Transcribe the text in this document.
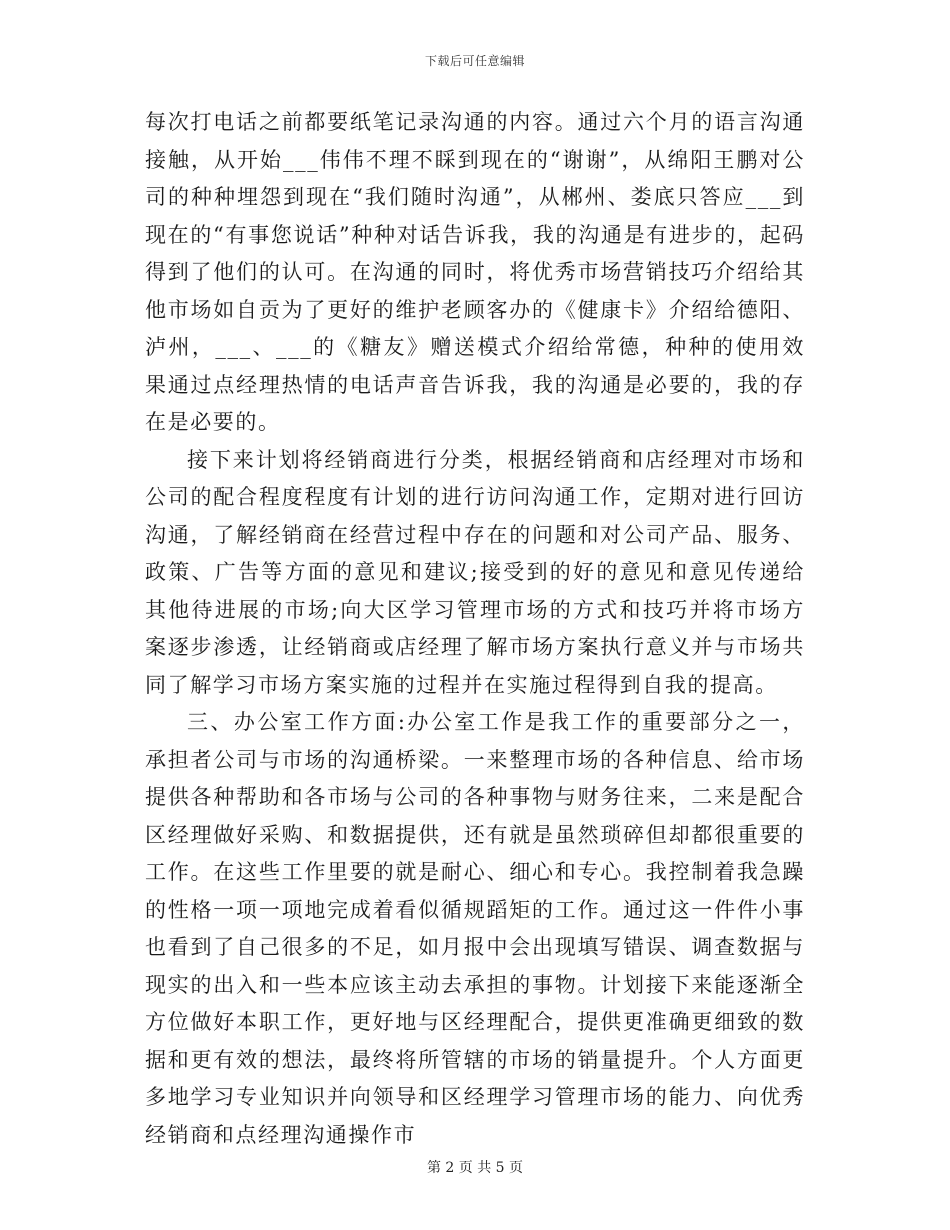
下载后可任意编辑

每次打电话之前都要纸笔记录沟通的内容。通过六个月的语言沟通接触，从开始___伟伟不理不睬到现在的“谢谢”，从绵阳王鹏对公司的种种埋怨到现在“我们随时沟通”，从郴州、娄底只答应___到现在的“有事您说话”种种对话告诉我，我的沟通是有进步的，起码得到了他们的认可。在沟通的同时，将优秀市场营销技巧介绍给其他市场如自贡为了更好的维护老顾客办的《健康卡》介绍给德阳、泸州，___、___的《糖友》赠送模式介绍给常德，种种的使用效果通过点经理热情的电话声音告诉我，我的沟通是必要的，我的存在是必要的。

接下来计划将经销商进行分类，根据经销商和店经理对市场和公司的配合程度程度有计划的进行访问沟通工作，定期对进行回访沟通，了解经销商在经营过程中存在的问题和对公司产品、服务、政策、广告等方面的意见和建议;接受到的好的意见和意见传递给其他待进展的市场;向大区学习管理市场的方式和技巧并将市场方案逐步渗透，让经销商或店经理了解市场方案执行意义并与市场共同了解学习市场方案实施的过程并在实施过程得到自我的提高。

三、办公室工作方面:办公室工作是我工作的重要部分之一，承担者公司与市场的沟通桥梁。一来整理市场的各种信息、给市场提供各种帮助和各市场与公司的各种事物与财务往来，二来是配合区经理做好采购、和数据提供，还有就是虽然琐碎但却都很重要的工作。在这些工作里要的就是耐心、细心和专心。我控制着我急躁的性格一项一项地完成着看似循规蹈矩的工作。通过这一件件小事也看到了自己很多的不足，如月报中会出现填写错误、调查数据与现实的出入和一些本应该主动去承担的事物。计划接下来能逐渐全方位做好本职工作，更好地与区经理配合，提供更准确更细致的数据和更有效的想法，最终将所管辖的市场的销量提升。个人方面更多地学习专业知识并向领导和区经理学习管理市场的能力、向优秀经销商和点经理沟通操作市

第 2 页 共 5 页
